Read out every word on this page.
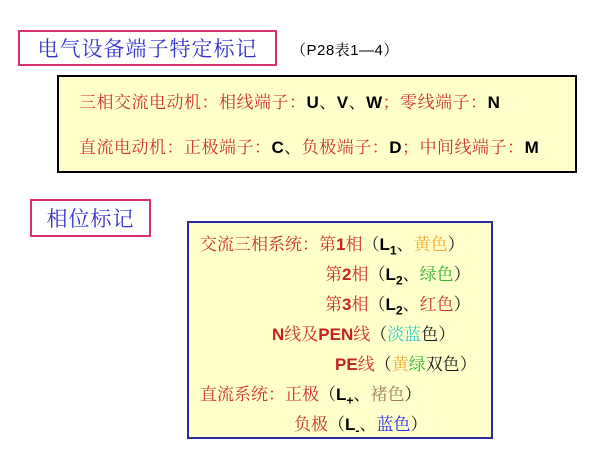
电气设备端子特定标记 （P28表1—4）
三相交流电动机：相线端子：U、V、W；零线端子：N
直流电动机：正极端子：C、负极端子：D；中间线端子：M
相位标记
交流三相系统：第1相（$L_1$、黄色）
第2相（$L_2$、绿色）
第3相（$L_2$、红色）
N线及PEN线（淡蓝色）
PE线（黄绿双色）
直流系统：正极（$L_+$、褚色）
负极（$L_-$、蓝色）
